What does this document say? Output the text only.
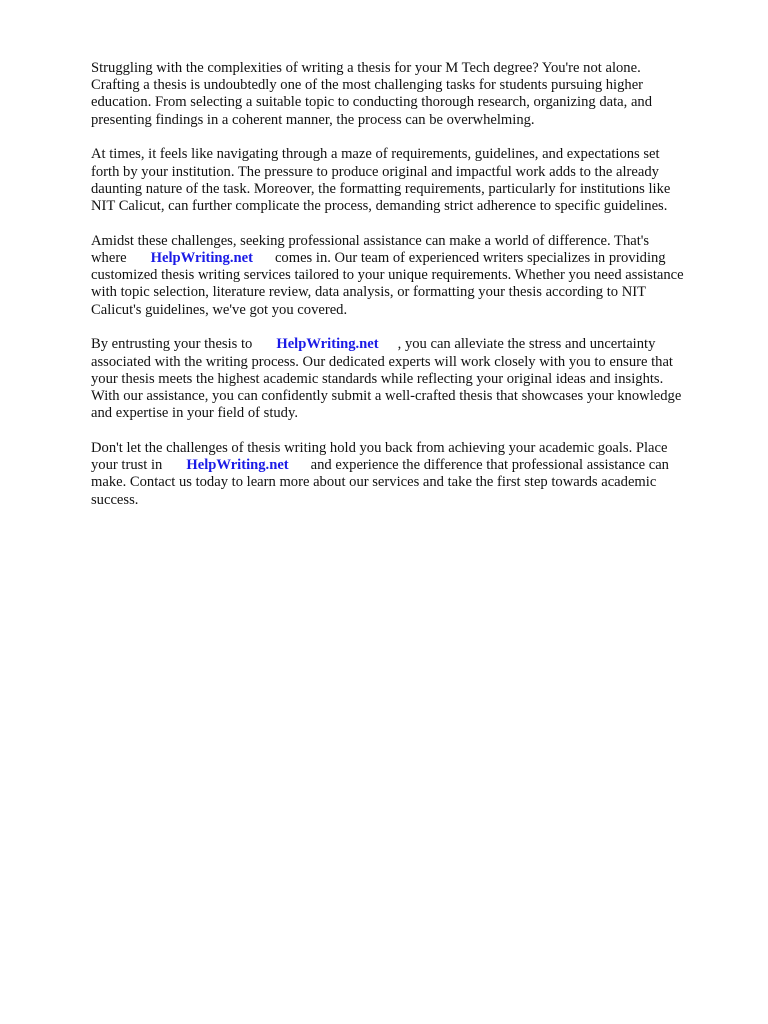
Struggling with the complexities of writing a thesis for your M Tech degree? You're not alone.
Crafting a thesis is undoubtedly one of the most challenging tasks for students pursuing higher
education. From selecting a suitable topic to conducting thorough research, organizing data, and
presenting findings in a coherent manner, the process can be overwhelming.

At times, it feels like navigating through a maze of requirements, guidelines, and expectations set
forth by your institution. The pressure to produce original and impactful work adds to the already
daunting nature of the task. Moreover, the formatting requirements, particularly for institutions like
NIT Calicut, can further complicate the process, demanding strict adherence to specific guidelines.

Amidst these challenges, seeking professional assistance can make a world of difference. That's
where HelpWriting.net comes in. Our team of experienced writers specializes in providing
customized thesis writing services tailored to your unique requirements. Whether you need assistance
with topic selection, literature review, data analysis, or formatting your thesis according to NIT
Calicut's guidelines, we've got you covered.

By entrusting your thesis to HelpWriting.net , you can alleviate the stress and uncertainty
associated with the writing process. Our dedicated experts will work closely with you to ensure that
your thesis meets the highest academic standards while reflecting your original ideas and insights.
With our assistance, you can confidently submit a well-crafted thesis that showcases your knowledge
and expertise in your field of study.

Don't let the challenges of thesis writing hold you back from achieving your academic goals. Place
your trust in HelpWriting.net and experience the difference that professional assistance can
make. Contact us today to learn more about our services and take the first step towards academic
success.
